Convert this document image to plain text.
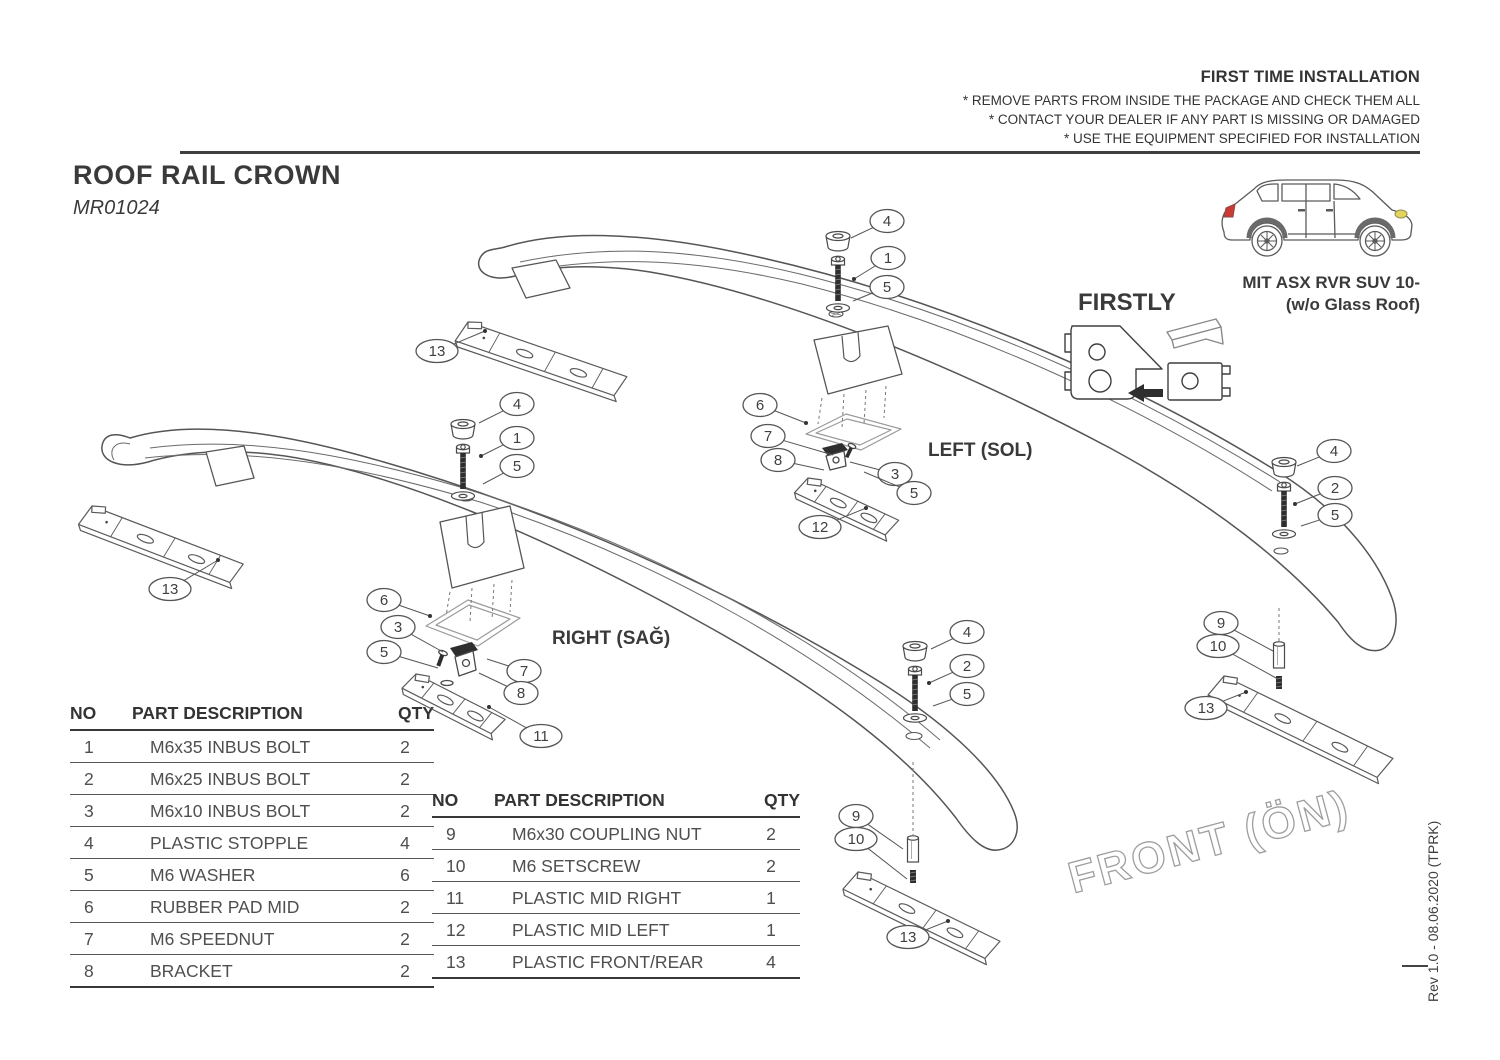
FIRST TIME INSTALLATION
* REMOVE PARTS FROM INSIDE THE PACKAGE AND CHECK THEM ALL
* CONTACT YOUR DEALER IF ANY PART IS MISSING OR DAMAGED
* USE THE EQUIPMENT SPECIFIED FOR INSTALLATION
ROOF RAIL CROWN
MR01024
MIT ASX RVR SUV 10-
(w/o Glass Roof)
NO	PART DESCRIPTION	QTY
1	M6x35 INBUS BOLT	2
2	M6x25 INBUS BOLT	2
3	M6x10 INBUS BOLT	2
4	PLASTIC STOPPLE	4
5	M6 WASHER	6
6	RUBBER PAD MID	2
7	M6 SPEEDNUT	2
8	BRACKET	2
NO	PART DESCRIPTION	QTY
9	M6x30 COUPLING NUT	2
10	M6 SETSCREW	2
11	PLASTIC MID RIGHT	1
12	PLASTIC MID LEFT	1
13	PLASTIC FRONT/REAR	4
4
1
5
13
6
7
8
3
5
12
4
2
5
9
10
13
13
4
1
5
6
3
5
7
8
11
4
2
5
9
10
13
FIRSTLY
LEFT (SOL)
RIGHT (SAĞ)
FRONT (ÖN)	Rev 1.0 - 08.06.2020 (TPRK)
